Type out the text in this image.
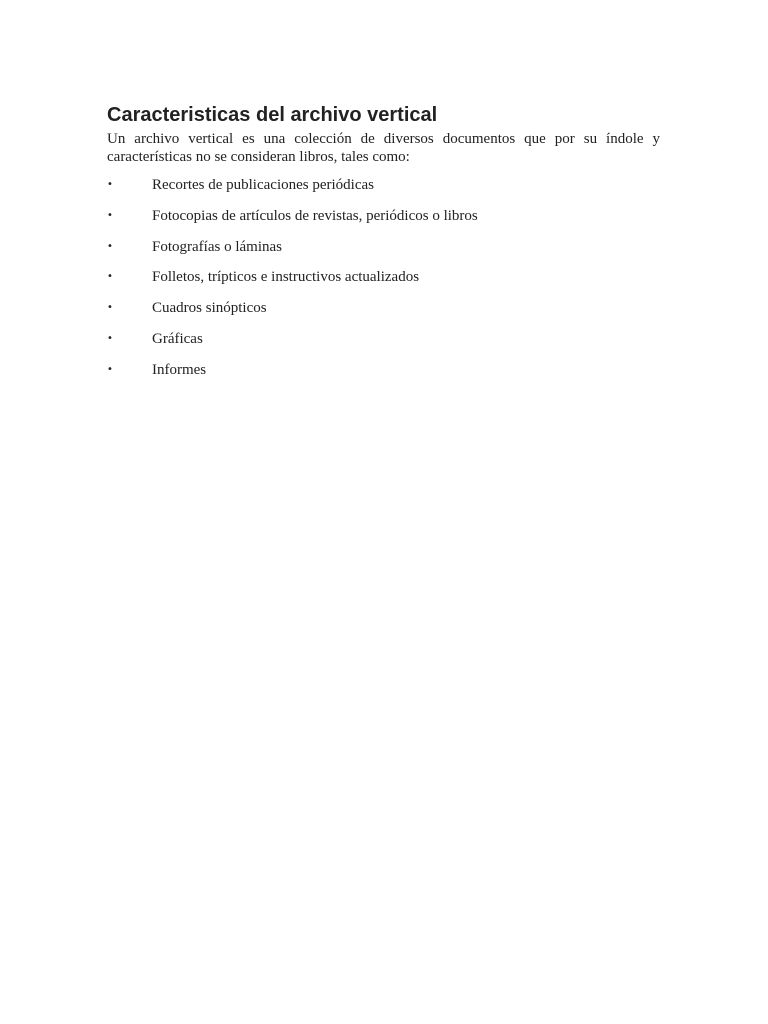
Caracteristicas del archivo vertical

Un archivo vertical es una colección de diversos documentos que por su índole y características no se consideran libros, tales como:

•	Recortes de publicaciones periódicas
•	Fotocopias de artículos de revistas, periódicos o libros
•	Fotografías o láminas
•	Folletos, trípticos e instructivos actualizados
•	Cuadros sinópticos
•	Gráficas
•	Informes
